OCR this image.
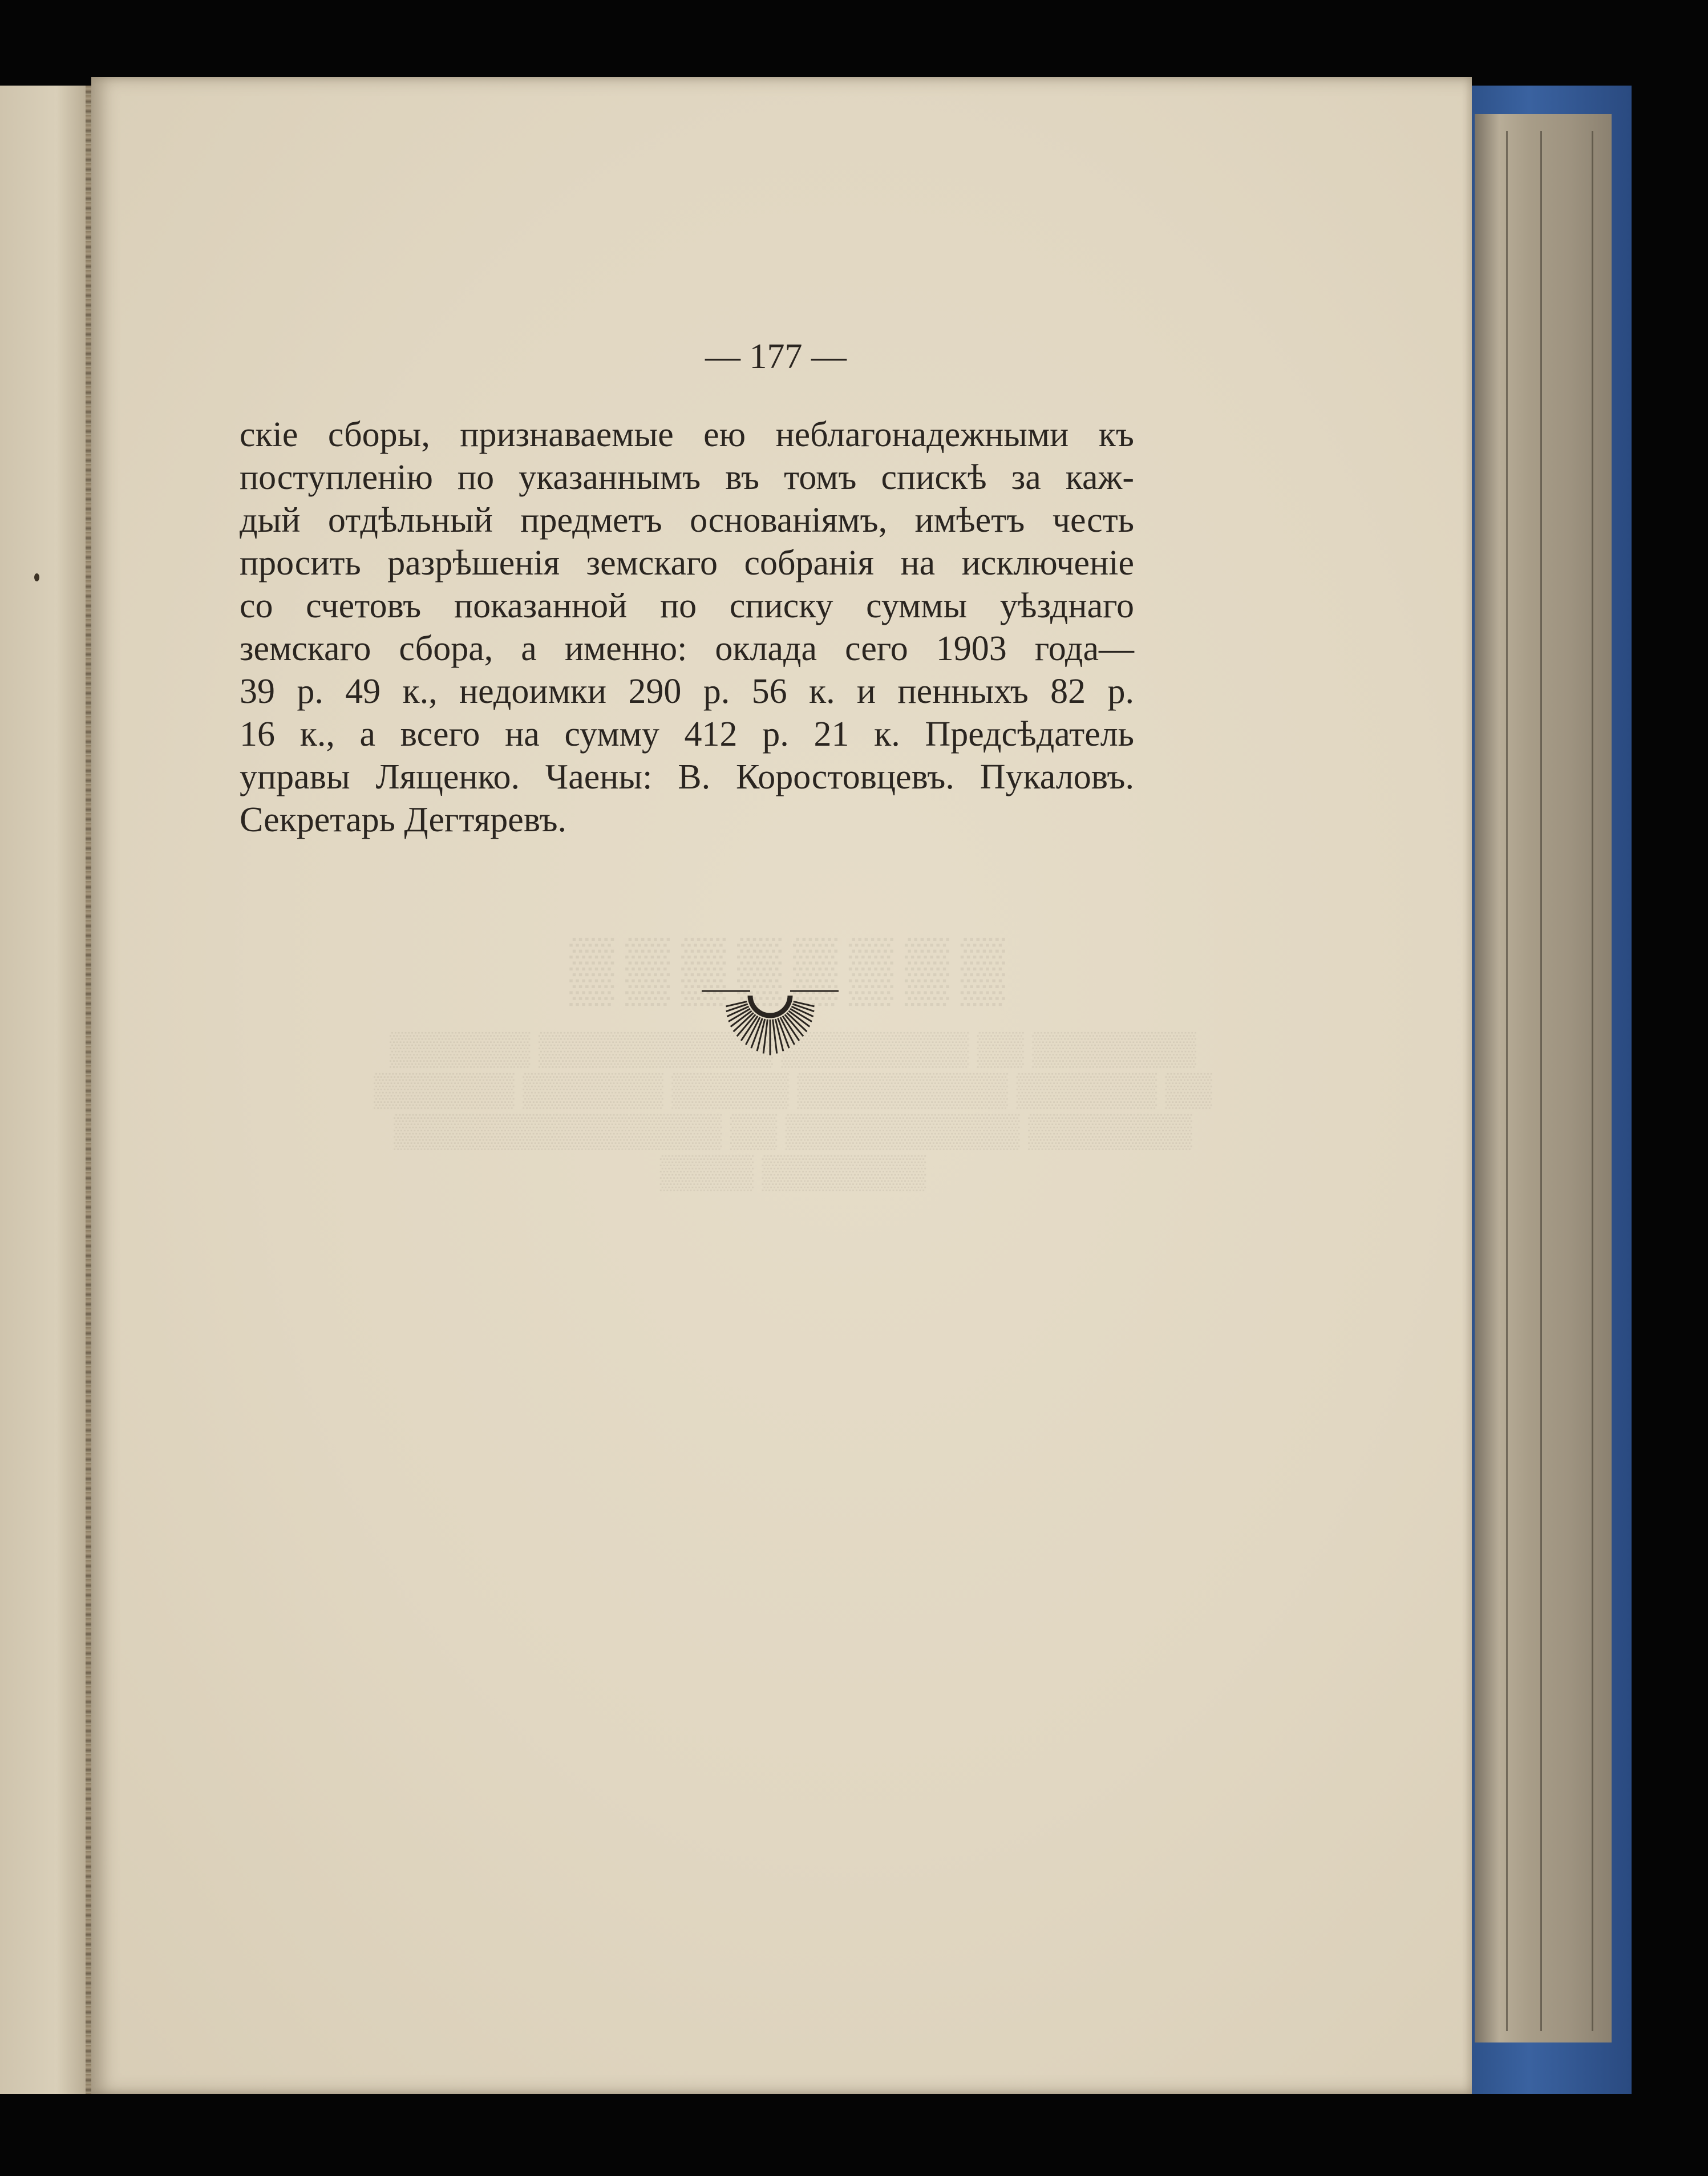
— 177 —
скіе сборы, признаваемые ею неблагонадежными къ
поступленію по указаннымъ въ томъ спискѣ за каж-
дый отдѣльный предметъ основаніямъ, имѣетъ честь
просить разрѣшенія земскаго собранія на исключеніе
со счетовъ показанной по списку суммы уѣзднаго
земскаго сбора, а именно: оклада сего 1903 года—
39 р. 49 к., недоимки 290 р. 56 к. и пенныхъ 82 р.
16 к., а всего на сумму 412 р. 21 к. Предсѣдатель
управы Лященко. Чаены: В. Коростовцевъ. Пукаловъ.
Секретарь Дегтяревъ.
▒▒▒▒▒▒▒▒
▒▒▒▒▒▒ ▒▒▒▒▒▒▒▒▒▒ ▒▒▒▒▒▒▒▒ ▒▒ ▒▒▒▒▒▒▒
▒▒▒▒▒▒ ▒▒▒▒▒▒ ▒▒▒▒▒ ▒▒▒▒▒▒▒▒▒ ▒▒▒▒▒▒ ▒▒
▒▒▒▒▒▒▒▒▒▒▒▒▒▒ ▒▒ ▒▒▒▒▒▒▒▒▒▒ ▒▒▒▒▒▒▒
▒▒▒▒ ▒▒▒▒▒▒▒
